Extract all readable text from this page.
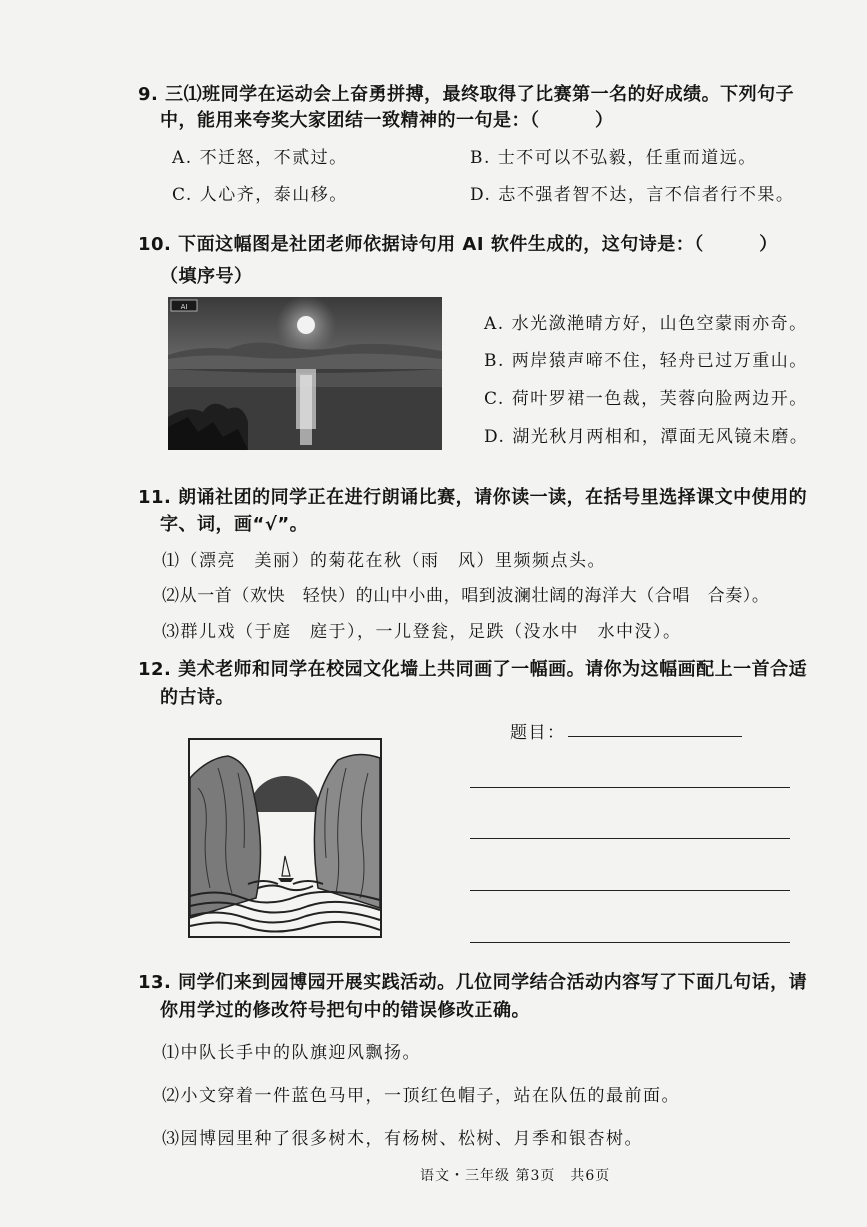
9. 三⑴班同学在运动会上奋勇拼搏，最终取得了比赛第一名的好成绩。下列句子
中，能用来夸奖大家团结一致精神的一句是：（　　　）
A. 不迁怒，不贰过。	B. 士不可以不弘毅，任重而道远。
C. 人心齐，泰山移。	D. 志不强者智不达，言不信者行不果。
10. 下面这幅图是社团老师依据诗句用 AI 软件生成的，这句诗是：（　　　）
（填序号）
AI
A. 水光潋滟晴方好，山色空蒙雨亦奇。
B. 两岸猿声啼不住，轻舟已过万重山。
C. 荷叶罗裙一色裁，芙蓉向脸两边开。
D. 湖光秋月两相和，潭面无风镜未磨。
11. 朗诵社团的同学正在进行朗诵比赛，请你读一读，在括号里选择课文中使用的
字、词，画“√”。
⑴（漂亮　美丽）的菊花在秋（雨　风）里频频点头。
⑵从一首（欢快　轻快）的山中小曲，唱到波澜壮阔的海洋大（合唱　合奏）。
⑶群儿戏（于庭　庭于），一儿登瓮，足跌（没水中　水中没）。
12. 美术老师和同学在校园文化墙上共同画了一幅画。请你为这幅画配上一首合适
的古诗。
题目：
13. 同学们来到园博园开展实践活动。几位同学结合活动内容写了下面几句话，请
你用学过的修改符号把句中的错误修改正确。
⑴中队长手中的队旗迎风飘扬。
⑵小文穿着一件蓝色马甲，一顶红色帽子，站在队伍的最前面。
⑶园博园里种了很多树木，有杨树、松树、月季和银杏树。
语文・三年级 第3页　共6页
